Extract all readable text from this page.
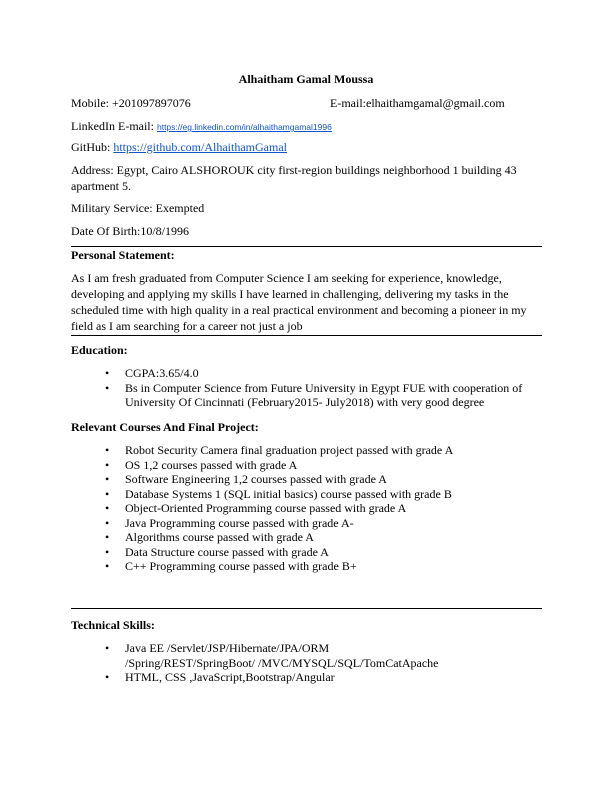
Alhaitham Gamal Moussa
Mobile: +201097897076	E-mail:elhaithamgamal@gmail.com
LinkedIn E-mail: https://eg.linkedin.com/in/alhaithamgamal1996
GitHub: https://github.com/AlhaithamGamal
Address: Egypt, Cairo ALSHOROUK city first-region buildings neighborhood 1 building 43 apartment 5.
Military Service: Exempted
Date Of Birth:10/8/1996
Personal Statement:
As I am fresh graduated from Computer Science I am seeking for experience, knowledge, developing and applying my skills I have learned in challenging, delivering my tasks in the scheduled time with high quality in a real practical environment and becoming a pioneer in my field as I am searching for a career not just a job
Education:
• CGPA:3.65/4.0
• Bs in Computer Science from Future University in Egypt FUE with cooperation of University Of Cincinnati (February2015- July2018) with very good degree
Relevant Courses And Final Project:
• Robot Security Camera final graduation project passed with grade A
• OS 1,2 courses passed with grade A
• Software Engineering 1,2 courses passed with grade A
• Database Systems 1 (SQL initial basics) course passed with grade B
• Object-Oriented Programming course passed with grade A
• Java Programming course passed with grade A-
• Algorithms course passed with grade A
• Data Structure course passed with grade A
• C++ Programming course passed with grade B+
Technical Skills:
• Java EE /Servlet/JSP/Hibernate/JPA/ORM /Spring/REST/SpringBoot/ /MVC/MYSQL/SQL/TomCatApache
• HTML, CSS ,JavaScript,Bootstrap/Angular
